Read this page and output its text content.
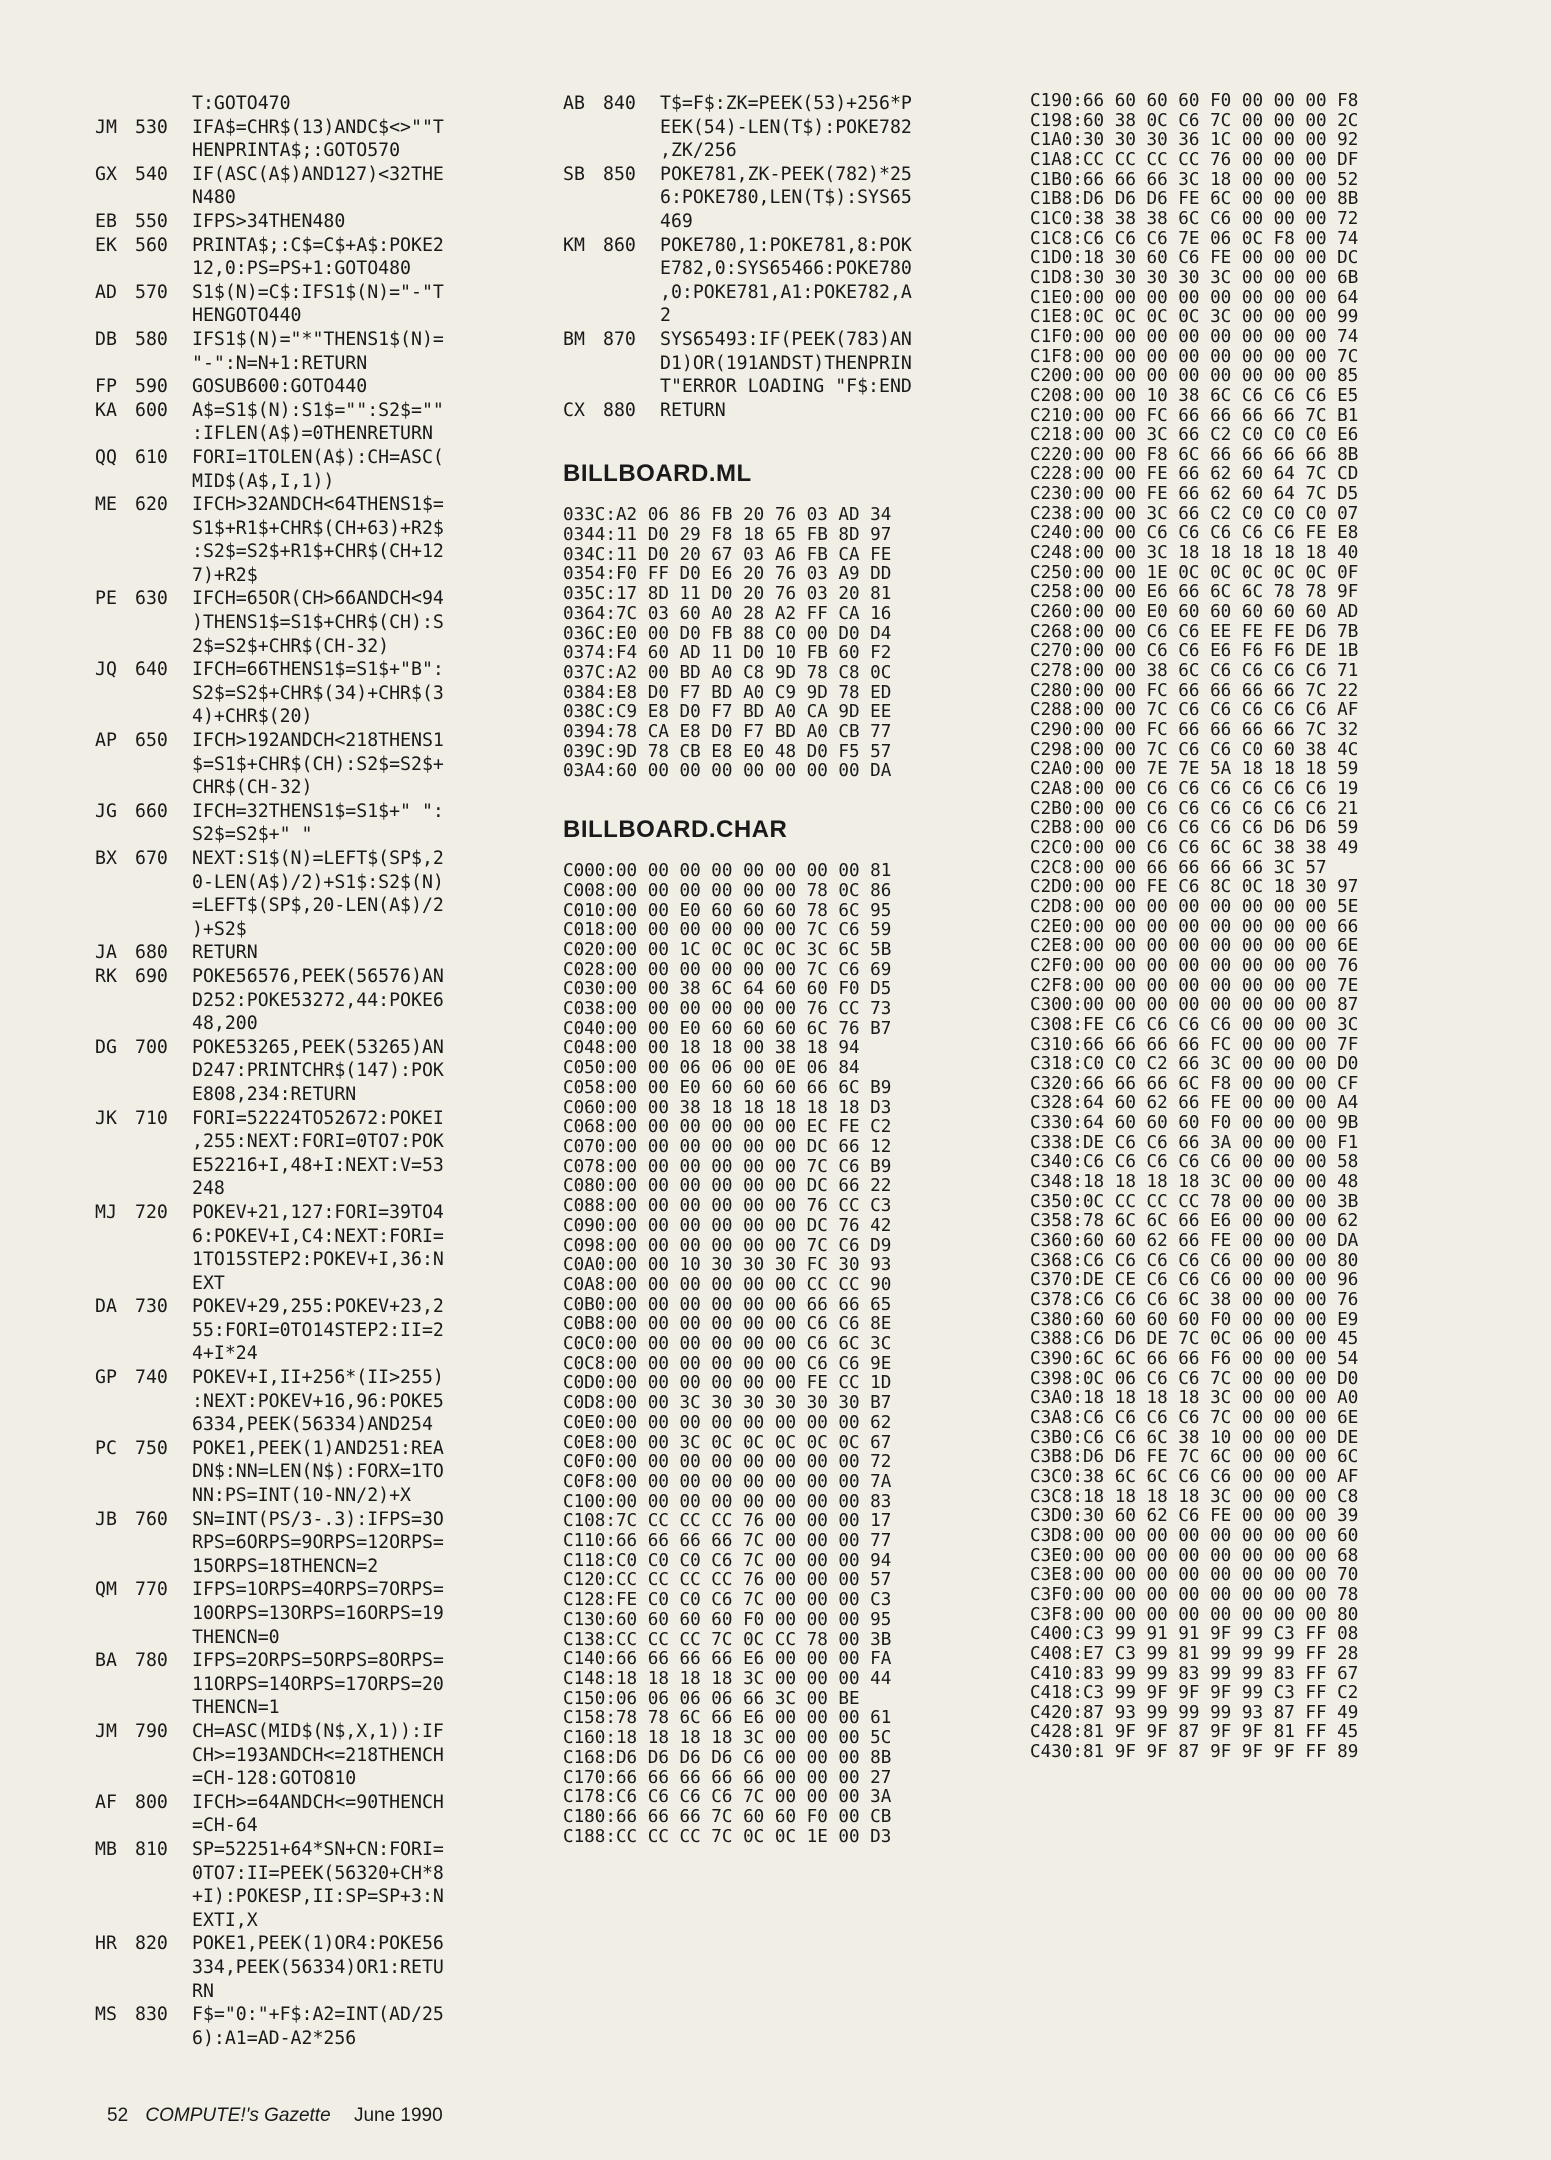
T:GOTO470
JM 530	IFA$=CHR$(13)ANDC$<>""T
HENPRINTA$;:GOTO570
GX 540	IF(ASC(A$)AND127)<32THE
N480
EB 550	IFPS>34THEN480
EK 560	PRINTA$;:C$=C$+A$:POKE2
12,0:PS=PS+1:GOTO480
AD 570	S1$(N)=C$:IFS1$(N)="-"T
HENGOTO440
DB 580	IFS1$(N)="*"THENS1$(N)=
"-":N=N+1:RETURN
FP 590	GOSUB600:GOTO440
KA 600	A$=S1$(N):S1$="":S2$=""
:IFLEN(A$)=0THENRETURN
QQ 610	FORI=1TOLEN(A$):CH=ASC(
MID$(A$,I,1))
ME 620	IFCH>32ANDCH<64THENS1$=
S1$+R1$+CHR$(CH+63)+R2$
:S2$=S2$+R1$+CHR$(CH+12
7)+R2$
PE 630	IFCH=65OR(CH>66ANDCH<94
)THENS1$=S1$+CHR$(CH):S
2$=S2$+CHR$(CH-32)
JQ 640	IFCH=66THENS1$=S1$+"B":
S2$=S2$+CHR$(34)+CHR$(3
4)+CHR$(20)
AP 650	IFCH>192ANDCH<218THENS1
$=S1$+CHR$(CH):S2$=S2$+
CHR$(CH-32)
JG 660	IFCH=32THENS1$=S1$+" ":
S2$=S2$+" "
BX 670	NEXT:S1$(N)=LEFT$(SP$,2
0-LEN(A$)/2)+S1$:S2$(N)
=LEFT$(SP$,20-LEN(A$)/2
)+S2$
JA 680	RETURN
RK 690	POKE56576,PEEK(56576)AN
D252:POKE53272,44:POKE6
48,200
DG 700	POKE53265,PEEK(53265)AN
D247:PRINTCHR$(147):POK
E808,234:RETURN
JK 710	FORI=52224TO52672:POKEI
,255:NEXT:FORI=0TO7:POK
E52216+I,48+I:NEXT:V=53
248
MJ 720	POKEV+21,127:FORI=39TO4
6:POKEV+I,C4:NEXT:FORI=
1TO15STEP2:POKEV+I,36:N
EXT
DA 730	POKEV+29,255:POKEV+23,2
55:FORI=0TO14STEP2:II=2
4+I*24
GP 740	POKEV+I,II+256*(II>255)
:NEXT:POKEV+16,96:POKE5
6334,PEEK(56334)AND254
PC 750	POKE1,PEEK(1)AND251:REA
DN$:NN=LEN(N$):FORX=1TO
NN:PS=INT(10-NN/2)+X
JB 760	SN=INT(PS/3-.3):IFPS=3O
RPS=6ORPS=9ORPS=12ORPS=
15ORPS=18THENCN=2
QM 770	IFPS=1ORPS=4ORPS=7ORPS=
10ORPS=13ORPS=16ORPS=19
THENCN=0
BA 780	IFPS=2ORPS=5ORPS=8ORPS=
11ORPS=14ORPS=17ORPS=20
THENCN=1
JM 790	CH=ASC(MID$(N$,X,1)):IF
CH>=193ANDCH<=218THENCH
=CH-128:GOTO810
AF 800	IFCH>=64ANDCH<=90THENCH
=CH-64
MB 810	SP=52251+64*SN+CN:FORI=
0TO7:II=PEEK(56320+CH*8
+I):POKESP,II:SP=SP+3:N
EXTI,X
HR 820	POKE1,PEEK(1)OR4:POKE56
334,PEEK(56334)OR1:RETU
RN
MS 830	F$="0:"+F$:A2=INT(AD/25
6):A1=AD-A2*256
AB 840	T$=F$:ZK=PEEK(53)+256*P
EEK(54)-LEN(T$):POKE782
,ZK/256
SB 850	POKE781,ZK-PEEK(782)*25
6:POKE780,LEN(T$):SYS65
469
KM 860	POKE780,1:POKE781,8:POK
E782,0:SYS65466:POKE780
,0:POKE781,A1:POKE782,A
2
BM 870	SYS65493:IF(PEEK(783)AN
D1)OR(191ANDST)THENPRIN
T"ERROR LOADING "F$:END
CX 880	RETURN
BILLBOARD.ML
033C:A2 06 86 FB 20 76 03 AD 34
0344:11 D0 29 F8 18 65 FB 8D 97
034C:11 D0 20 67 03 A6 FB CA FE
0354:F0 FF D0 E6 20 76 03 A9 DD
035C:17 8D 11 D0 20 76 03 20 81
0364:7C 03 60 A0 28 A2 FF CA 16
036C:E0 00 D0 FB 88 C0 00 D0 D4
0374:F4 60 AD 11 D0 10 FB 60 F2
037C:A2 00 BD A0 C8 9D 78 C8 0C
0384:E8 D0 F7 BD A0 C9 9D 78 ED
038C:C9 E8 D0 F7 BD A0 CA 9D EE
0394:78 CA E8 D0 F7 BD A0 CB 77
039C:9D 78 CB E8 E0 48 D0 F5 57
03A4:60 00 00 00 00 00 00 00 DA
BILLBOARD.CHAR
C000:00 00 00 00 00 00 00 00 81
C008:00 00 00 00 00 00 78 0C 86
C010:00 00 E0 60 60 60 78 6C 95
C018:00 00 00 00 00 00 7C C6 59
C020:00 00 1C 0C 0C 0C 3C 6C 5B
C028:00 00 00 00 00 00 7C C6 69
C030:00 00 38 6C 64 60 60 F0 D5
C038:00 00 00 00 00 00 76 CC 73
C040:00 00 E0 60 60 60 6C 76 B7
C048:00 00 18 18 00 38 18 94
C050:00 00 06 06 00 0E 06 84
C058:00 00 E0 60 60 60 66 6C B9
C060:00 00 38 18 18 18 18 18 D3
C068:00 00 00 00 00 00 EC FE C2
C070:00 00 00 00 00 00 DC 66 12
C078:00 00 00 00 00 00 7C C6 B9
C080:00 00 00 00 00 00 DC 66 22
C088:00 00 00 00 00 00 76 CC C3
C090:00 00 00 00 00 00 DC 76 42
C098:00 00 00 00 00 00 7C C6 D9
C0A0:00 00 10 30 30 30 FC 30 93
C0A8:00 00 00 00 00 00 CC CC 90
C0B0:00 00 00 00 00 00 66 66 65
C0B8:00 00 00 00 00 00 C6 C6 8E
C0C0:00 00 00 00 00 00 C6 6C 3C
C0C8:00 00 00 00 00 00 C6 C6 9E
C0D0:00 00 00 00 00 00 FE CC 1D
C0D8:00 00 3C 30 30 30 30 30 B7
C0E0:00 00 00 00 00 00 00 00 62
C0E8:00 00 3C 0C 0C 0C 0C 0C 67
C0F0:00 00 00 00 00 00 00 00 72
C0F8:00 00 00 00 00 00 00 00 7A
C100:00 00 00 00 00 00 00 00 83
C108:7C CC CC CC 76 00 00 00 17
C110:66 66 66 66 7C 00 00 00 77
C118:C0 C0 C0 C6 7C 00 00 00 94
C120:CC CC CC CC 76 00 00 00 57
C128:FE C0 C0 C6 7C 00 00 00 C3
C130:60 60 60 60 F0 00 00 00 95
C138:CC CC CC 7C 0C CC 78 00 3B
C140:66 66 66 66 E6 00 00 00 FA
C148:18 18 18 18 3C 00 00 00 44
C150:06 06 06 06 66 3C 00 BE
C158:78 78 6C 66 E6 00 00 00 61
C160:18 18 18 18 3C 00 00 00 5C
C168:D6 D6 D6 D6 C6 00 00 00 8B
C170:66 66 66 66 66 00 00 00 27
C178:C6 C6 C6 C6 7C 00 00 00 3A
C180:66 66 66 7C 60 60 F0 00 CB
C188:CC CC CC 7C 0C 0C 1E 00 D3
C190:66 60 60 60 F0 00 00 00 F8
C198:60 38 0C C6 7C 00 00 00 2C
C1A0:30 30 30 36 1C 00 00 00 92
C1A8:CC CC CC CC 76 00 00 00 DF
C1B0:66 66 66 3C 18 00 00 00 52
C1B8:D6 D6 D6 FE 6C 00 00 00 8B
C1C0:38 38 38 6C C6 00 00 00 72
C1C8:C6 C6 C6 7E 06 0C F8 00 74
C1D0:18 30 60 C6 FE 00 00 00 DC
C1D8:30 30 30 30 3C 00 00 00 6B
C1E0:00 00 00 00 00 00 00 00 64
C1E8:0C 0C 0C 0C 3C 00 00 00 99
C1F0:00 00 00 00 00 00 00 00 74
C1F8:00 00 00 00 00 00 00 00 7C
C200:00 00 00 00 00 00 00 00 85
C208:00 00 10 38 6C C6 C6 C6 E5
C210:00 00 FC 66 66 66 66 7C B1
C218:00 00 3C 66 C2 C0 C0 C0 E6
C220:00 00 F8 6C 66 66 66 66 8B
C228:00 00 FE 66 62 60 64 7C CD
C230:00 00 FE 66 62 60 64 7C D5
C238:00 00 3C 66 C2 C0 C0 C0 07
C240:00 00 C6 C6 C6 C6 C6 FE E8
C248:00 00 3C 18 18 18 18 18 40
C250:00 00 1E 0C 0C 0C 0C 0C 0F
C258:00 00 E6 66 6C 6C 78 78 9F
C260:00 00 E0 60 60 60 60 60 AD
C268:00 00 C6 C6 EE FE FE D6 7B
C270:00 00 C6 C6 E6 F6 F6 DE 1B
C278:00 00 38 6C C6 C6 C6 C6 71
C280:00 00 FC 66 66 66 66 7C 22
C288:00 00 7C C6 C6 C6 C6 C6 AF
C290:00 00 FC 66 66 66 66 7C 32
C298:00 00 7C C6 C6 C0 60 38 4C
C2A0:00 00 7E 7E 5A 18 18 18 59
C2A8:00 00 C6 C6 C6 C6 C6 C6 19
C2B0:00 00 C6 C6 C6 C6 C6 C6 21
C2B8:00 00 C6 C6 C6 C6 D6 D6 59
C2C0:00 00 C6 C6 6C 6C 38 38 49
C2C8:00 00 66 66 66 66 3C 57
C2D0:00 00 FE C6 8C 0C 18 30 97
C2D8:00 00 00 00 00 00 00 00 5E
C2E0:00 00 00 00 00 00 00 00 66
C2E8:00 00 00 00 00 00 00 00 6E
C2F0:00 00 00 00 00 00 00 00 76
C2F8:00 00 00 00 00 00 00 00 7E
C300:00 00 00 00 00 00 00 00 87
C308:FE C6 C6 C6 C6 00 00 00 3C
C310:66 66 66 66 FC 00 00 00 7F
C318:C0 C0 C2 66 3C 00 00 00 D0
C320:66 66 66 6C F8 00 00 00 CF
C328:64 60 62 66 FE 00 00 00 A4
C330:64 60 60 60 F0 00 00 00 9B
C338:DE C6 C6 66 3A 00 00 00 F1
C340:C6 C6 C6 C6 C6 00 00 00 58
C348:18 18 18 18 3C 00 00 00 48
C350:0C CC CC CC 78 00 00 00 3B
C358:78 6C 6C 66 E6 00 00 00 62
C360:60 60 62 66 FE 00 00 00 DA
C368:C6 C6 C6 C6 C6 00 00 00 80
C370:DE CE C6 C6 C6 00 00 00 96
C378:C6 C6 C6 6C 38 00 00 00 76
C380:60 60 60 60 F0 00 00 00 E9
C388:C6 D6 DE 7C 0C 06 00 00 45
C390:6C 6C 66 66 F6 00 00 00 54
C398:0C 06 C6 C6 7C 00 00 00 D0
C3A0:18 18 18 18 3C 00 00 00 A0
C3A8:C6 C6 C6 C6 7C 00 00 00 6E
C3B0:C6 C6 6C 38 10 00 00 00 DE
C3B8:D6 D6 FE 7C 6C 00 00 00 6C
C3C0:38 6C 6C C6 C6 00 00 00 AF
C3C8:18 18 18 18 3C 00 00 00 C8
C3D0:30 60 62 C6 FE 00 00 00 39
C3D8:00 00 00 00 00 00 00 00 60
C3E0:00 00 00 00 00 00 00 00 68
C3E8:00 00 00 00 00 00 00 00 70
C3F0:00 00 00 00 00 00 00 00 78
C3F8:00 00 00 00 00 00 00 00 80
C400:C3 99 91 91 9F 99 C3 FF 08
C408:E7 C3 99 81 99 99 99 FF 28
C410:83 99 99 83 99 99 83 FF 67
C418:C3 99 9F 9F 9F 99 C3 FF C2
C420:87 93 99 99 99 93 87 FF 49
C428:81 9F 9F 87 9F 9F 81 FF 45
C430:81 9F 9F 87 9F 9F 9F FF 89
52 COMPUTE!'s Gazette June 1990
